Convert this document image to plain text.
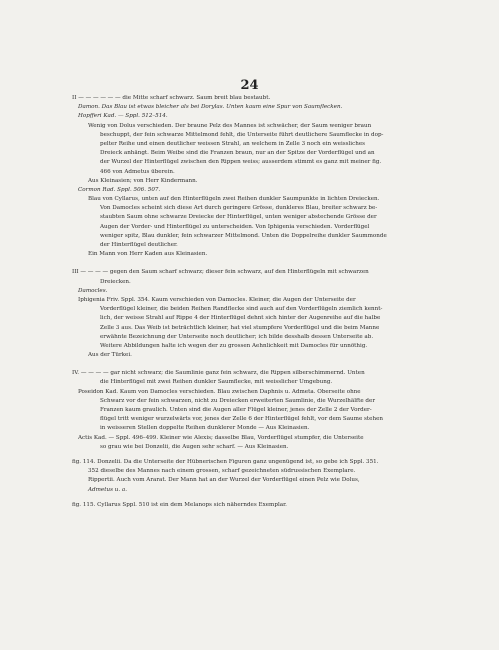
24
II — — — — — — die Mitte scharf schwarz. Saum breit blau bestaubt.
Damon. Das Blau ist etwas bleicher als bei Dorylas. Unten kaum eine Spur von Saumflecken.
Hopfferi Kad. — Sppl. 512–514.
Wenig von Dolus verschieden. Der braune Pelz des Mannes ist schwächer, der Saum weniger braun
beschuppt, der fein schwarze Mittelmond fehlt, die Unterseite führt deutlichere Saumflecke in dop-
pelter Reihe und einen deutlicher weissen Strahl, an welchem in Zelle 3 noch ein weissliches
Dreieck anhängt. Beim Weibe sind die Franzen braun, nur an der Spitze der Vorderflügel und an
der Wurzel der Hinterflügel zwischen den Rippen weiss; ausserdem stimmt es ganz mit meiner fig.
466 von Admetus überein.
Aus Kleinasien; von Herr Kindermann.
Cormon Rad. Sppl. 506. 507.
Blau von Cyllarus, unten auf den Hinterflügeln zwei Reihen dunkler Saumpunkte in lichten Dreiecken.
Von Damocles scheint sich diese Art durch geringere Grösse, dunkleres Blau, breiter schwarz be-
staubten Saum ohne schwarze Dreiecke der Hinterflügel, unten weniger abstechende Grösse der
Augen der Vorder- und Hinterflügel zu unterscheiden. Von Iphigenia verschieden. Vorderflügel
weniger spitz, Blau dunkler, fein schwarzer Mittelmond. Unten die Doppelreihe dunkler Saummonde
der Hinterflügel deutlicher.
Ein Mann von Herr Kaden aus Kleinasien.
III — — — — gegen den Saum scharf schwarz; dieser fein schwarz, auf den Hinterflügeln mit schwarzen
Dreiecken.
Damocles.
Iphigenia Friv. Sppl. 354. Kaum verschieden von Damocles. Kleiner, die Augen der Unterseite der
Vorderflügel kleiner, die beiden Reihen Randflecke sind auch auf den Vorderflügeln ziemlich kennt-
lich, der weisse Strahl auf Rippe 4 der Hinterflügel dehnt sich hinter der Augenreihe auf die halbe
Zelle 3 aus. Das Weib ist beträchtlich kleiner, hat viel stumpfere Vorderflügel und die beim Manne
erwähnte Bezeichnung der Unterseite noch deutlicher; ich bilde desshalb dessen Unterseite ab.
Weitere Abbildungen halte ich wegen der zu grossen Aehnlichkeit mit Damocles für unnöthig.
Aus der Türkei.
IV. — — — — gar nicht schwarz; die Saumlinie ganz fein schwarz, die Rippen silberschimmernd. Unten
die Hinterflügel mit zwei Reihen dunkler Saumflecke, mit weisslicher Umgebung.
Poseidon Kad. Kaum von Damocles verschieden. Blau zwischen Daphnis u. Admeta. Oberseite ohne
Schwarz vor der fein schwarzen, nicht zu Dreiecken erweiterten Saumlinie, die Wurzelhälfte der
Franzen kaum graulich. Unten sind die Augen aller Flügel kleiner, jenes der Zelle 2 der Vorder-
flügel tritt weniger wurzelwärts vor, jenes der Zelle 6 der Hinterflügel fehlt, vor dem Saume stehen
in weisseren Stellen doppelte Reihen dunklerer Monde — Aus Kleinasien.
Actis Kad. — Sppl. 496–499. Kleiner wie Alexis; dasselbe Blau, Vorderflügel stumpfer, die Unterseite
so grau wie bei Donzelii, die Augen sehr scharf. — Aus Kleinasien.
fig. 114. Donzelii. Da die Unterseite der Hübnerischen Figuren ganz ungenügend ist, so gebe ich Sppl. 351.
352 dieselbe des Mannes nach einem grossen, scharf gezeichneten südrussischen Exemplare.
Rippertii. Auch vom Ararat. Der Mann hat an der Wurzel der Vorderflügel einen Pelz wie Dolus,
Admetus u. a.
fig. 115. Cyllarus Sppl. 510 ist ein dem Melanops sich näherndes Exemplar.
